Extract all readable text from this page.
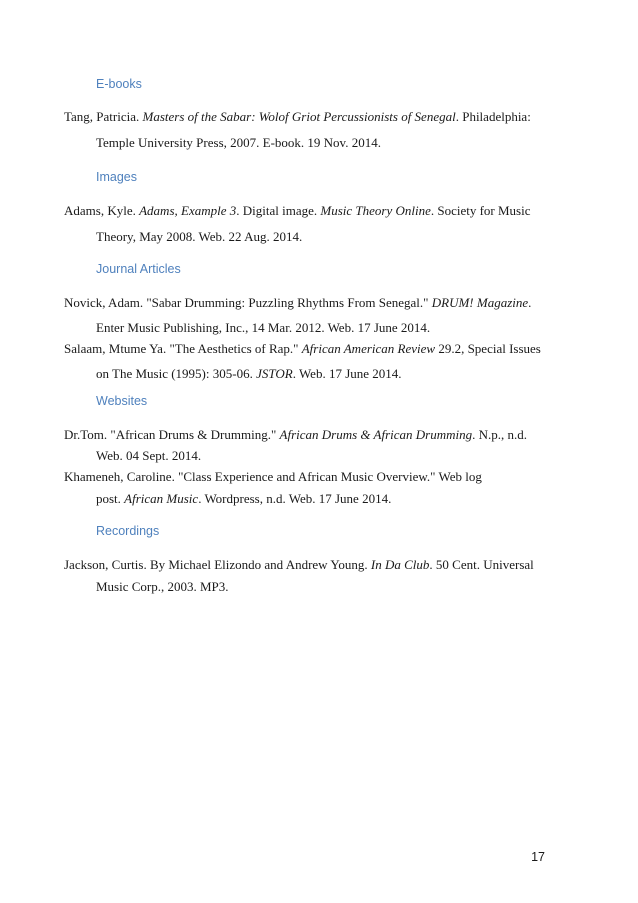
E-books
Tang, Patricia. Masters of the Sabar: Wolof Griot Percussionists of Senegal. Philadelphia:
Temple University Press, 2007. E-book. 19 Nov. 2014.
Images
Adams, Kyle. Adams, Example 3. Digital image. Music Theory Online. Society for Music
Theory, May 2008. Web. 22 Aug. 2014.
Journal Articles
Novick, Adam. "Sabar Drumming: Puzzling Rhythms From Senegal." DRUM! Magazine.
Enter Music Publishing, Inc., 14 Mar. 2012. Web. 17 June 2014.
Salaam, Mtume Ya. "The Aesthetics of Rap." African American Review 29.2, Special Issues
on The Music (1995): 305-06. JSTOR. Web. 17 June 2014.
Websites
Dr.Tom. "African Drums & Drumming." African Drums & African Drumming. N.p., n.d.
Web. 04 Sept. 2014.
Khameneh, Caroline. "Class Experience and African Music Overview." Web log
post. African Music. Wordpress, n.d. Web. 17 June 2014.
Recordings
Jackson, Curtis. By Michael Elizondo and Andrew Young. In Da Club. 50 Cent. Universal
Music Corp., 2003. MP3.
17
